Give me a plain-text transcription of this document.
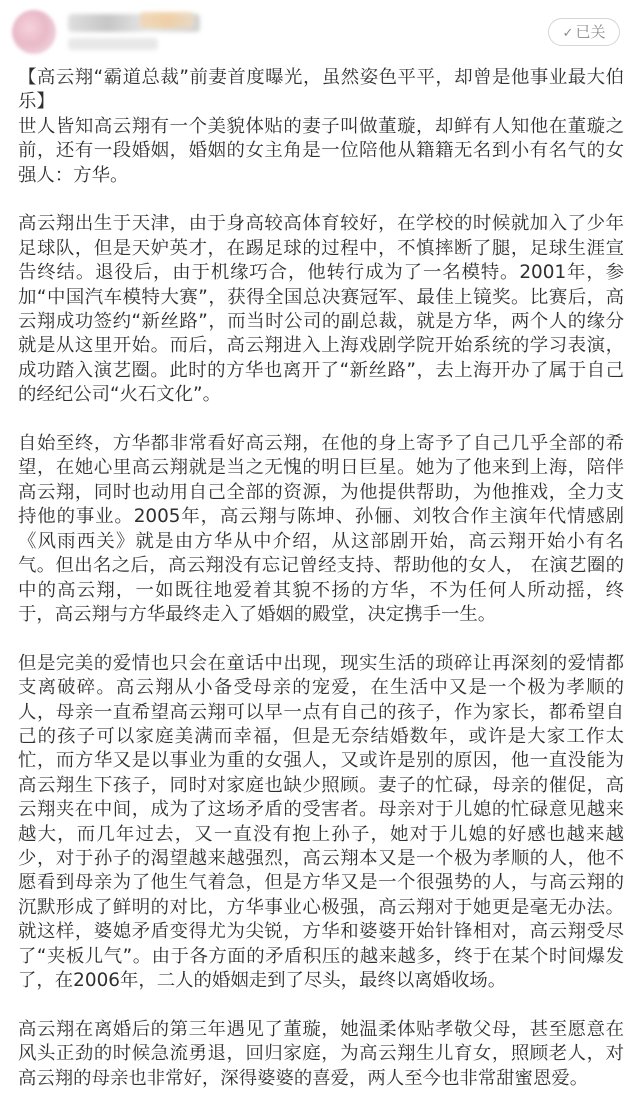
✓ 已关

【高云翔“霸道总裁”前妻首度曝光，虽然姿色平平，却曾是他事业最大伯乐】

世人皆知高云翔有一个美貌体贴的妻子叫做董璇，却鲜有人知他在董璇之前，还有一段婚姻，婚姻的女主角是一位陪他从籍籍无名到小有名气的女强人：方华。

高云翔出生于天津，由于身高较高体育较好，在学校的时候就加入了少年足球队，但是天妒英才，在踢足球的过程中，不慎摔断了腿，足球生涯宣告终结。退役后，由于机缘巧合，他转行成为了一名模特。2001年，参加“中国汽车模特大赛”，获得全国总决赛冠军、最佳上镜奖。比赛后，高云翔成功签约“新丝路”，而当时公司的副总裁，就是方华，两个人的缘分就是从这里开始。而后，高云翔进入上海戏剧学院开始系统的学习表演，成功踏入演艺圈。此时的方华也离开了“新丝路”，去上海开办了属于自己的经纪公司“火石文化”。

自始至终，方华都非常看好高云翔，在他的身上寄予了自己几乎全部的希望，在她心里高云翔就是当之无愧的明日巨星。她为了他来到上海，陪伴高云翔，同时也动用自己全部的资源，为他提供帮助，为他推戏，全力支持他的事业。2005年，高云翔与陈坤、孙俪、刘牧合作主演年代情感剧《风雨西关》就是由方华从中介绍，从这部剧开始，高云翔开始小有名气。但出名之后，高云翔没有忘记曾经支持、帮助他的女人， 在演艺圈的中的高云翔，一如既往地爱着其貌不扬的方华，不为任何人所动摇，终于，高云翔与方华最终走入了婚姻的殿堂，决定携手一生。

但是完美的爱情也只会在童话中出现，现实生活的琐碎让再深刻的爱情都支离破碎。高云翔从小备受母亲的宠爱，在生活中又是一个极为孝顺的人，母亲一直希望高云翔可以早一点有自己的孩子，作为家长，都希望自己的孩子可以家庭美满而幸福，但是无奈结婚数年，或许是大家工作太忙，而方华又是以事业为重的女强人，又或许是别的原因，他一直没能为高云翔生下孩子，同时对家庭也缺少照顾。妻子的忙碌，母亲的催促，高云翔夹在中间，成为了这场矛盾的受害者。母亲对于儿媳的忙碌意见越来越大，而几年过去，又一直没有抱上孙子，她对于儿媳的好感也越来越少，对于孙子的渴望越来越强烈，高云翔本又是一个极为孝顺的人，他不愿看到母亲为了他生气着急，但是方华又是一个很强势的人，与高云翔的沉默形成了鲜明的对比，方华事业心极强，高云翔对于她更是毫无办法。就这样，婆媳矛盾变得尤为尖锐，方华和婆婆开始针锋相对，高云翔受尽了“夹板儿气”。由于各方面的矛盾积压的越来越多，终于在某个时间爆发了，在2006年，二人的婚姻走到了尽头，最终以离婚收场。

高云翔在离婚后的第三年遇见了董璇，她温柔体贴孝敬父母，甚至愿意在风头正劲的时候急流勇退，回归家庭，为高云翔生儿育女，照顾老人，对高云翔的母亲也非常好，深得婆婆的喜爱，两人至今也非常甜蜜恩爱。
